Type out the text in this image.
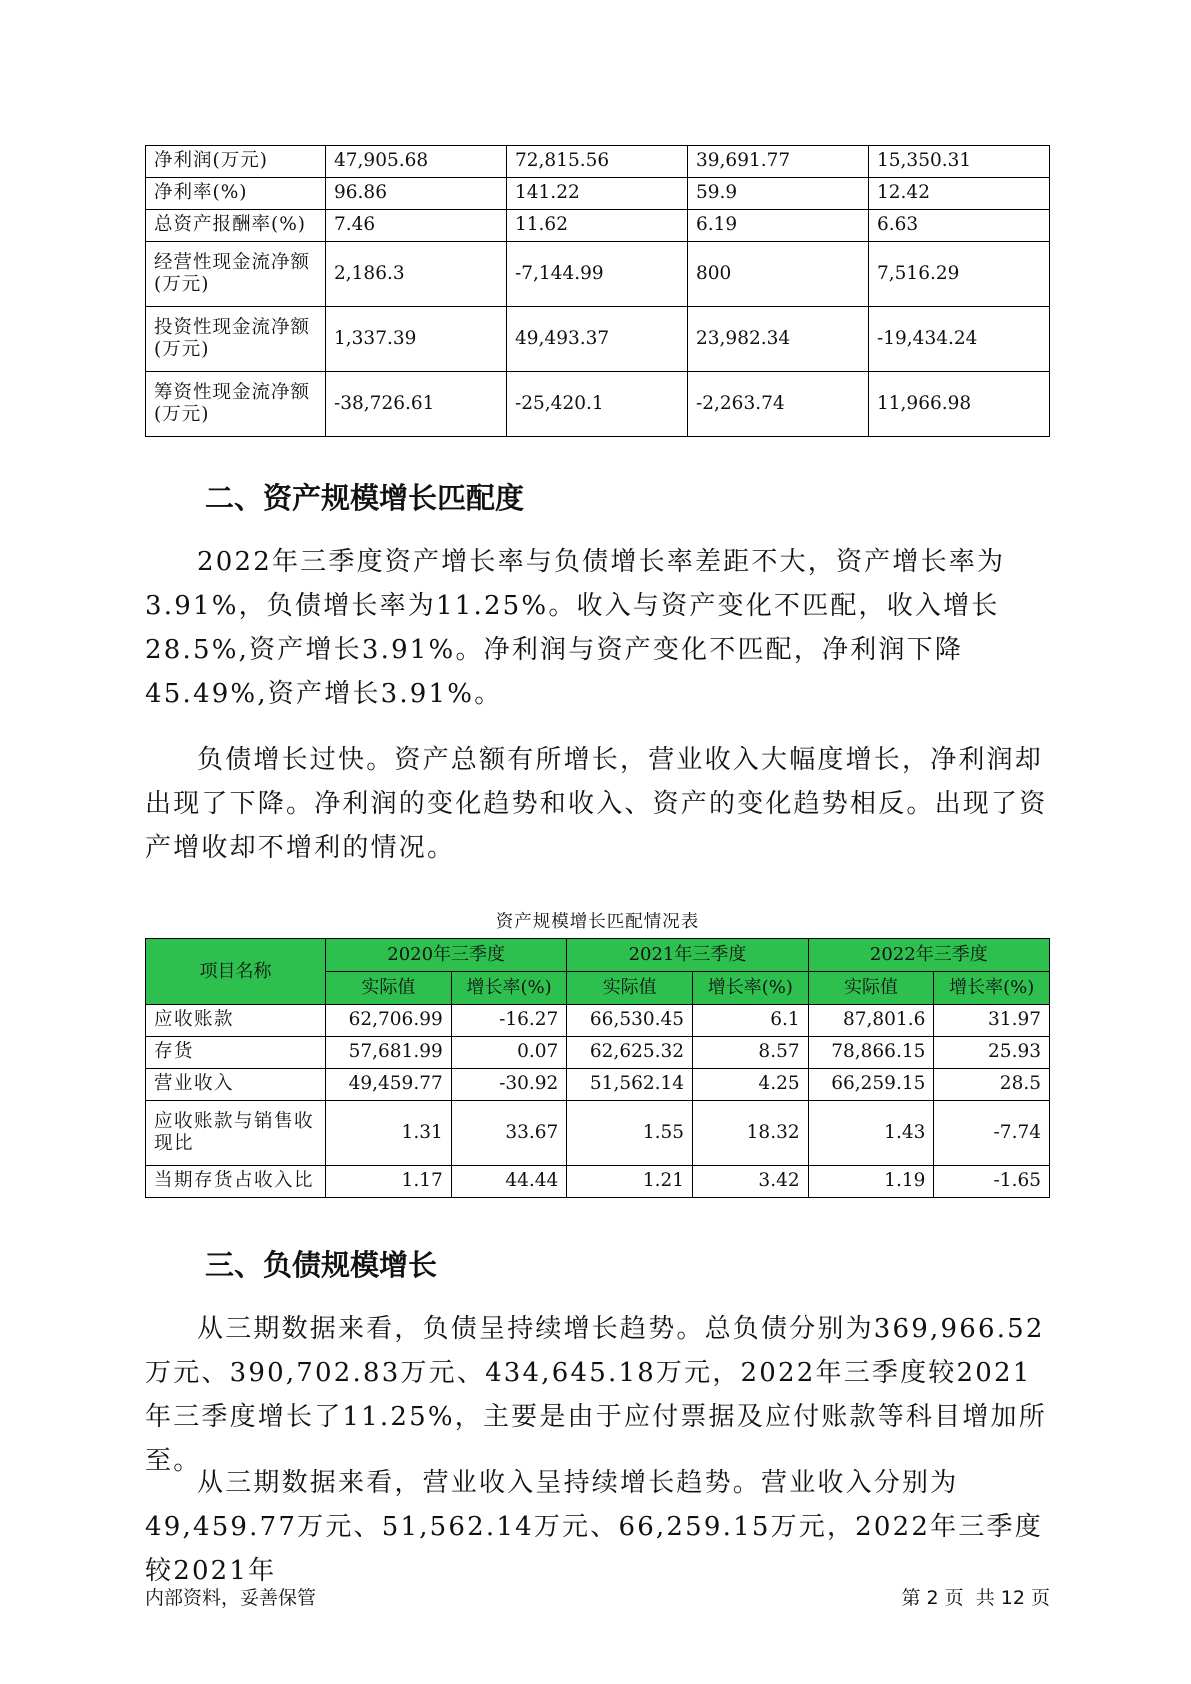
净利润(万元)	47,905.68	72,815.56	39,691.77	15,350.31
净利率(%)	96.86	141.22	59.9	12.42
总资产报酬率(%)	7.46	11.62	6.19	6.63
经营性现金流净额(万元)	2,186.3	-7,144.99	800	7,516.29
投资性现金流净额(万元)	1,337.39	49,493.37	23,982.34	-19,434.24
筹资性现金流净额(万元)	-38,726.61	-25,420.1	-2,263.74	11,966.98
二、资产规模增长匹配度

2022年三季度资产增长率与负债增长率差距不大，资产增长率为3.91%，负债增长率为11.25%。收入与资产变化不匹配，收入增长28.5%,资产增长3.91%。净利润与资产变化不匹配，净利润下降45.49%,资产增长3.91%。

负债增长过快。资产总额有所增长，营业收入大幅度增长，净利润却出现了下降。净利润的变化趋势和收入、资产的变化趋势相反。出现了资产增收却不增利的情况。

资产规模增长匹配情况表
项目名称	2020年三季度		2021年三季度		2022年三季度	
	实际值	增长率(%)	实际值	增长率(%)	实际值	增长率(%)
应收账款	62,706.99	-16.27	66,530.45	6.1	87,801.6	31.97
存货	57,681.99	0.07	62,625.32	8.57	78,866.15	25.93
营业收入	49,459.77	-30.92	51,562.14	4.25	66,259.15	28.5
应收账款与销售收现比	1.31	33.67	1.55	18.32	1.43	-7.74
当期存货占收入比	1.17	44.44	1.21	3.42	1.19	-1.65
三、负债规模增长

从三期数据来看，负债呈持续增长趋势。总负债分别为369,966.52万元、390,702.83万元、434,645.18万元，2022年三季度较2021年三季度增长了11.25%，主要是由于应付票据及应付账款等科目增加所至。

从三期数据来看，营业收入呈持续增长趋势。营业收入分别为49,459.77万元、51,562.14万元、66,259.15万元，2022年三季度较2021年

内部资料，妥善保管	第 2 页  共 12 页
